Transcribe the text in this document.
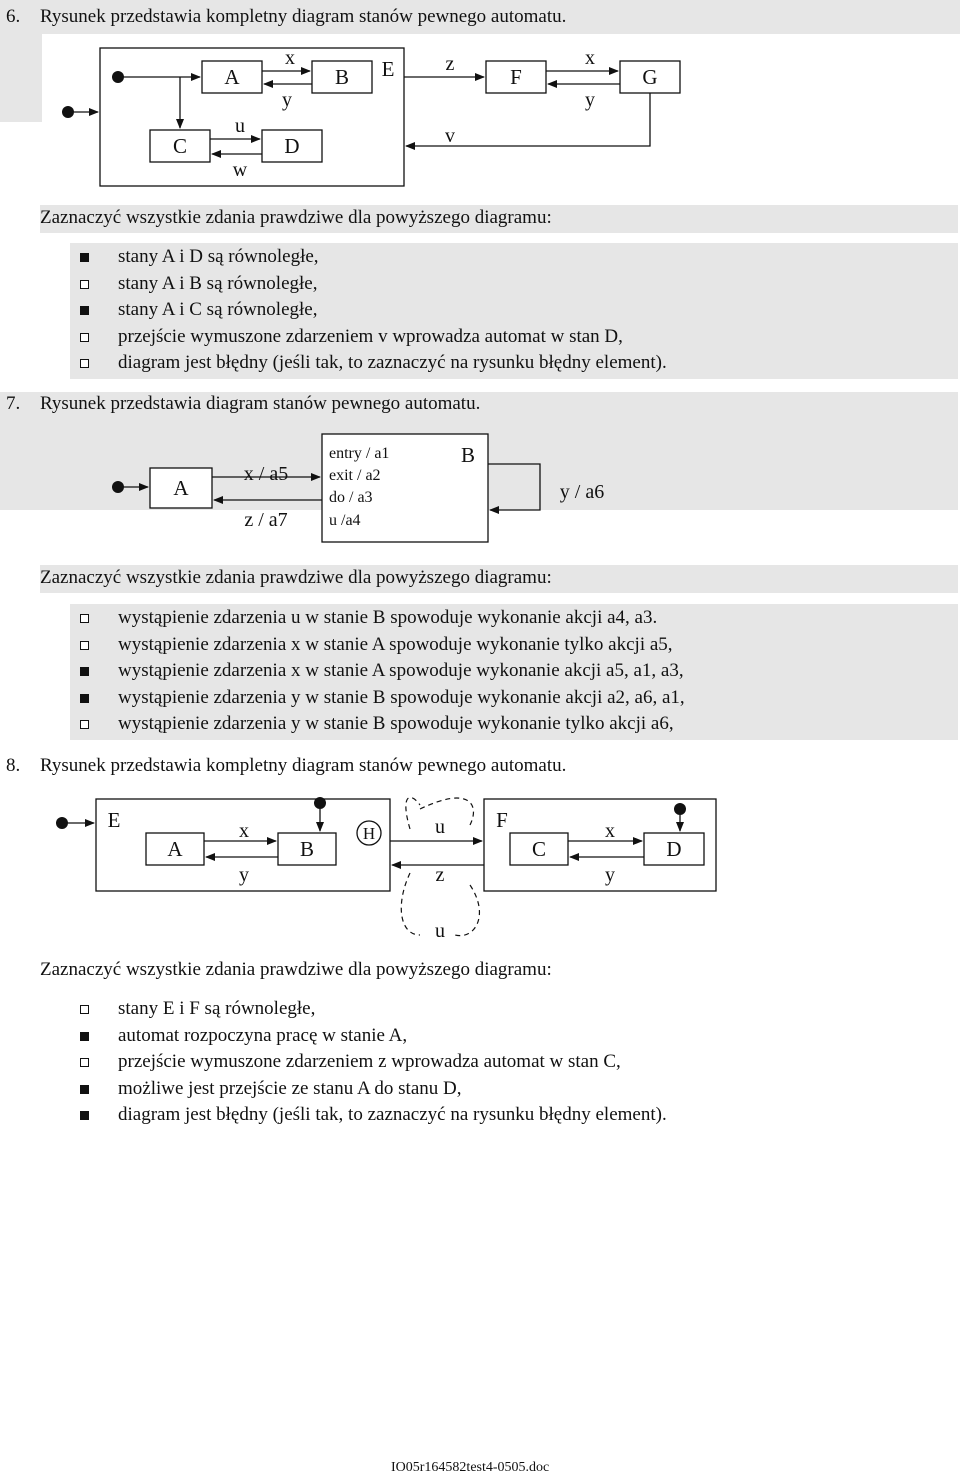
6. Rysunek przedstawia kompletny diagram stanów pewnego automatu.
A	B
x
y
C	D
u
w
E	z
F	G
x
y
v
Zaznaczyć wszystkie zdania prawdziwe dla powyższego diagramu:
stany A i D są równoległe,
stany A i B są równoległe,
stany A i C są równoległe,
przejście wymuszone zdarzeniem v wprowadza automat w stan D,
diagram jest błędny (jeśli tak, to zaznaczyć na rysunku błędny element).
7. Rysunek przedstawia diagram stanów pewnego automatu.
A
x / a5
z / a7
B
entry / a1
exit / a2
do / a3
u /a4
y / a6
Zaznaczyć wszystkie zdania prawdziwe dla powyższego diagramu:
wystąpienie zdarzenia u w stanie B spowoduje wykonanie akcji a4, a3.
wystąpienie zdarzenia x w stanie A spowoduje wykonanie tylko akcji a5,
wystąpienie zdarzenia x w stanie A spowoduje wykonanie akcji a5, a1, a3,
wystąpienie zdarzenia y w stanie B spowoduje wykonanie akcji a2, a6, a1,
wystąpienie zdarzenia y w stanie B spowoduje wykonanie tylko akcji a6,
8. Rysunek przedstawia kompletny diagram stanów pewnego automatu.
E
A
x
y
B
H	u
z
u
F
C
x
y
D
Zaznaczyć wszystkie zdania prawdziwe dla powyższego diagramu:
stany E i F są równoległe,
automat rozpoczyna pracę w stanie A,
przejście wymuszone zdarzeniem z wprowadza automat w stan C,
możliwe jest przejście ze stanu A do stanu D,
diagram jest błędny (jeśli tak, to zaznaczyć na rysunku błędny element).
IO05r164582test4-0505.doc
